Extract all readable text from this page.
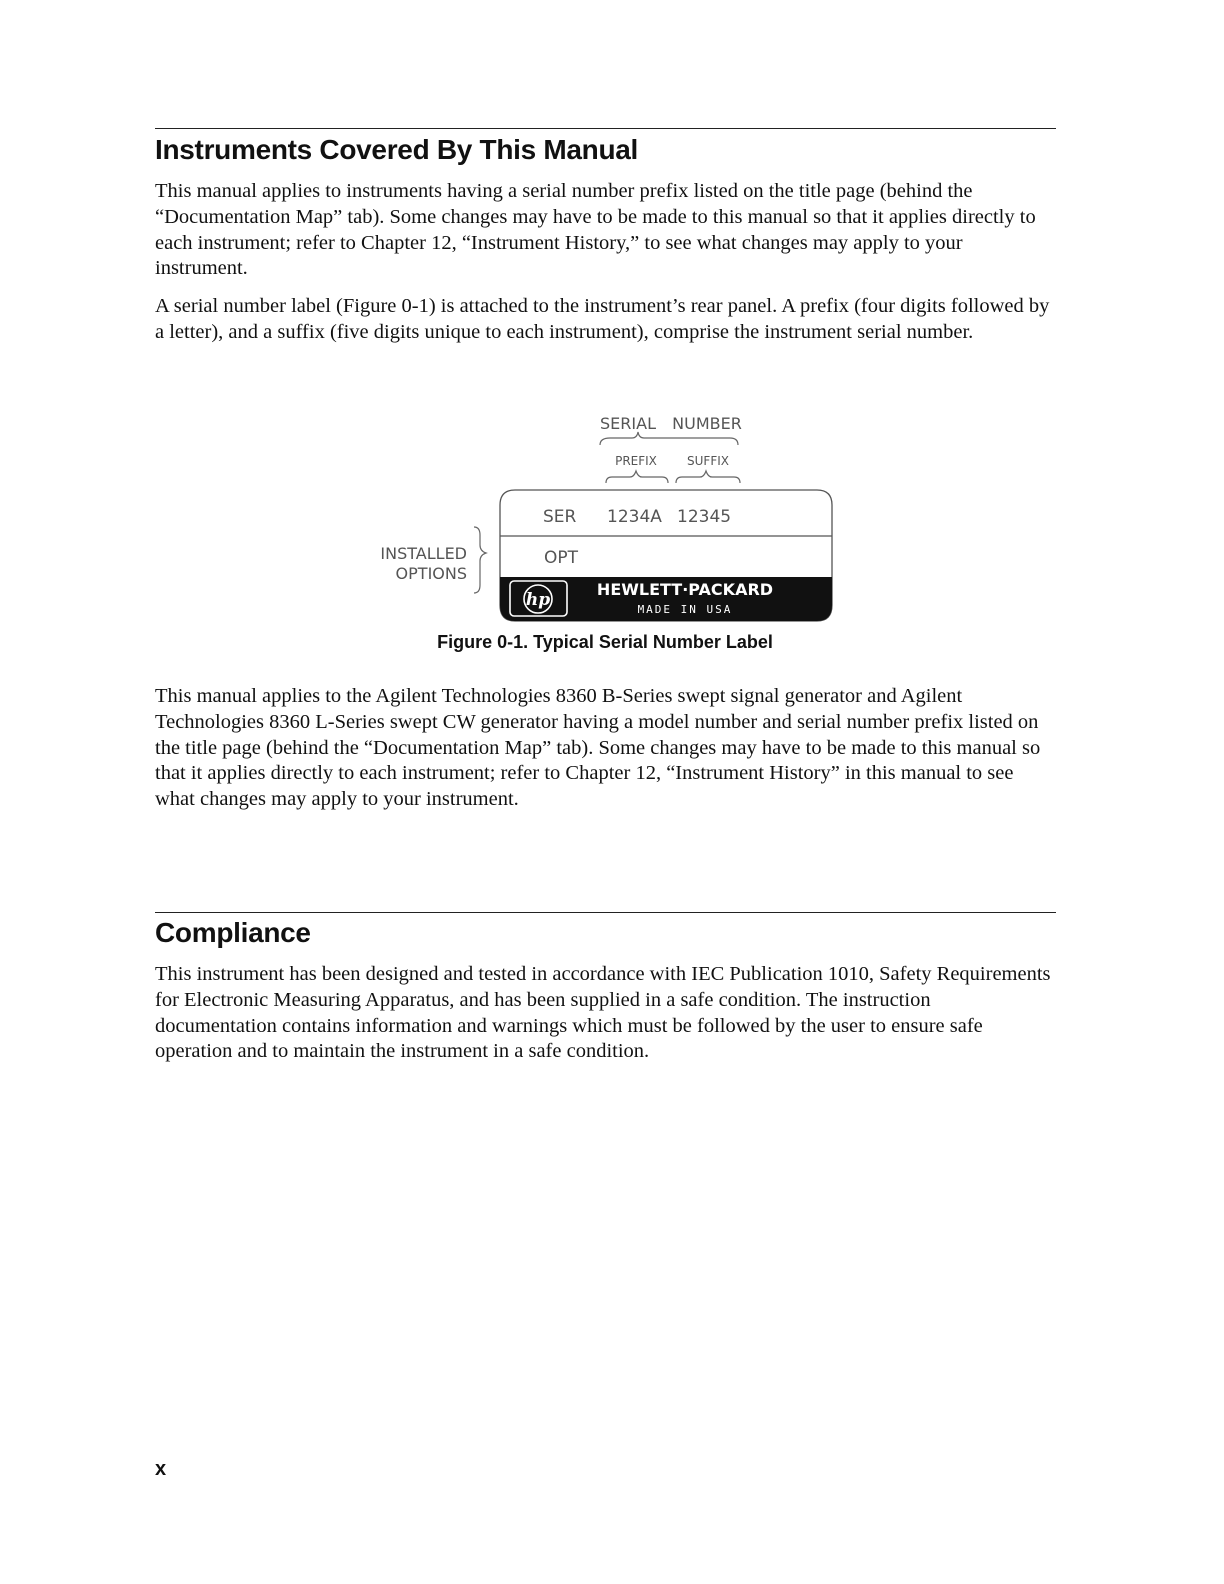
Instruments Covered By This Manual

This manual applies to instruments having a serial number prefix listed on the title page (behind the “Documentation Map” tab). Some changes may have to be made to this manual so that it applies directly to each instrument; refer to Chapter 12, “Instrument History,” to see what changes may apply to your instrument.

A serial number label (Figure 0-1) is attached to the instrument’s rear panel. A prefix (four digits followed by a letter), and a suffix (five digits unique to each instrument), comprise the instrument serial number.

SERIAL NUMBER
PREFIX	SUFFIX
SER 1234A 12345
OPT
INSTALLED
OPTIONS
hp
HEWLETT·PACKARD
MADE IN USA

Figure 0-1. Typical Serial Number Label

This manual applies to the Agilent Technologies 8360 B-Series swept signal generator and Agilent Technologies 8360 L-Series swept CW generator having a model number and serial number prefix listed on the title page (behind the “Documentation Map” tab). Some changes may have to be made to this manual so that it applies directly to each instrument; refer to Chapter 12, “Instrument History” in this manual to see what changes may apply to your instrument.

Compliance

This instrument has been designed and tested in accordance with IEC Publication 1010, Safety Requirements for Electronic Measuring Apparatus, and has been supplied in a safe condition. The instruction documentation contains information and warnings which must be followed by the user to ensure safe operation and to maintain the instrument in a safe condition.

x
